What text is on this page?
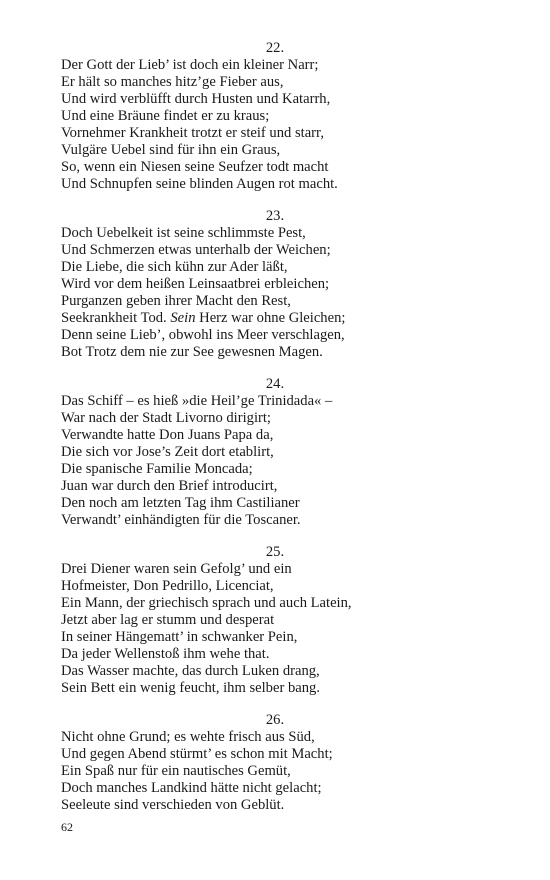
22.
Der Gott der Lieb’ ist doch ein kleiner Narr;
Er hält so manches hitz’ge Fieber aus,
Und wird verblüfft durch Husten und Katarrh,
Und eine Bräune findet er zu kraus;
Vornehmer Krankheit trotzt er steif und starr,
Vulgäre Uebel sind für ihn ein Graus,
So, wenn ein Niesen seine Seufzer todt macht
Und Schnupfen seine blinden Augen rot macht.
23.
Doch Uebelkeit ist seine schlimmste Pest,
Und Schmerzen etwas unterhalb der Weichen;
Die Liebe, die sich kühn zur Ader läßt,
Wird vor dem heißen Leinsaatbrei erbleichen;
Purganzen geben ihrer Macht den Rest,
Seekrankheit Tod. Sein Herz war ohne Gleichen;
Denn seine Lieb’, obwohl ins Meer verschlagen,
Bot Trotz dem nie zur See gewesnen Magen.
24.
Das Schiff – es hieß »die Heil’ge Trinidada« –
War nach der Stadt Livorno dirigirt;
Verwandte hatte Don Juans Papa da,
Die sich vor Jose’s Zeit dort etablirt,
Die spanische Familie Moncada;
Juan war durch den Brief introducirt,
Den noch am letzten Tag ihm Castilianer
Verwandt’ einhändigten für die Toscaner.
25.
Drei Diener waren sein Gefolg’ und ein
Hofmeister, Don Pedrillo, Licenciat,
Ein Mann, der griechisch sprach und auch Latein,
Jetzt aber lag er stumm und desperat
In seiner Hängematt’ in schwanker Pein,
Da jeder Wellenstoß ihm wehe that.
Das Wasser machte, das durch Luken drang,
Sein Bett ein wenig feucht, ihm selber bang.
26.
Nicht ohne Grund; es wehte frisch aus Süd,
Und gegen Abend stürmt’ es schon mit Macht;
Ein Spaß nur für ein nautisches Gemüt,
Doch manches Landkind hätte nicht gelacht;
Seeleute sind verschieden von Geblüt.
62
